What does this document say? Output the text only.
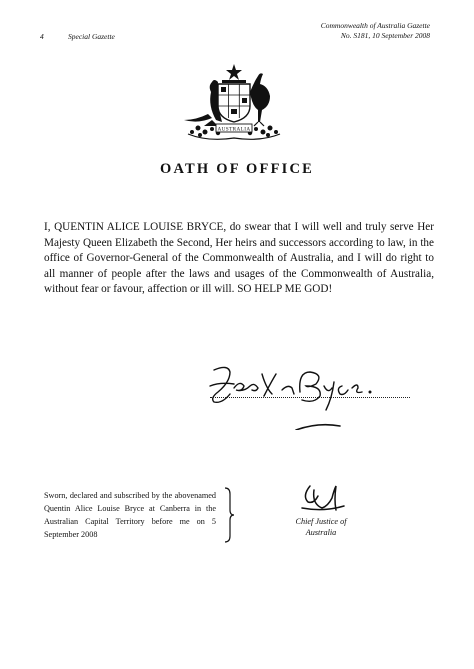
4	Special Gazette
Commonwealth of Australia Gazette
No. S181, 10 September 2008
AUSTRALIA
OATH OF OFFICE
I, QUENTIN ALICE LOUISE BRYCE, do swear that I will well and truly serve Her Majesty Queen Elizabeth the Second, Her heirs and successors according to law, in the office of Governor-General of the Commonwealth of Australia, and I will do right to all manner of people after the laws and usages of the Commonwealth of Australia, without fear or favour, affection or ill will. SO HELP ME GOD!
Sworn, declared and subscribed by the abovenamed Quentin Alice Louise Bryce at Canberra in the Australian Capital Territory before me on 5 September 2008
Chief Justice of
Australia
